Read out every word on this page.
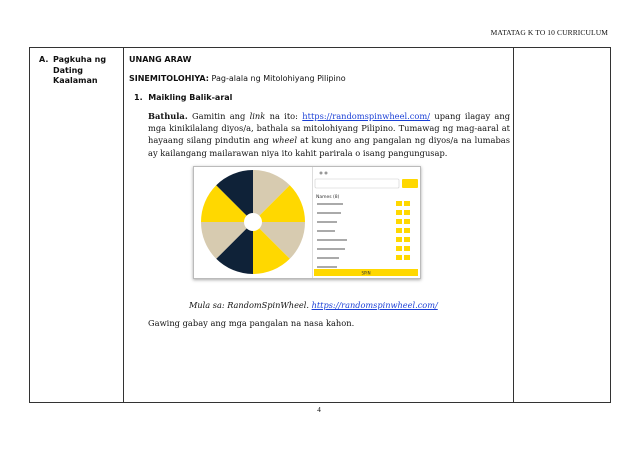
MATATAG K TO 10 CURRICULUM
A. Pagkuha ng Dating Kaalaman
UNANG ARAW
SINEMITOLOHIYA: Pag-alala ng Mitolohiyang Pilipino
1. Maikling Balik-aral
Bathula. Gamitin ang link na ito: https://randomspinwheel.com/ upang ilagay ang mga kinikilalang diyos/a, bathala sa mitolohiyang Pilipino. Tumawag ng mag-aaral at hayaang silang pindutin ang wheel at kung ano ang pangalan ng diyos/a na lumabas ay kailangang mailarawan niya ito kahit parirala o isang pangungusap.
Mula sa: RandomSpinWheel. https://randomspinwheel.com/
Gawing gabay ang mga pangalan na nasa kahon.
Names (8)
SPIN
4
